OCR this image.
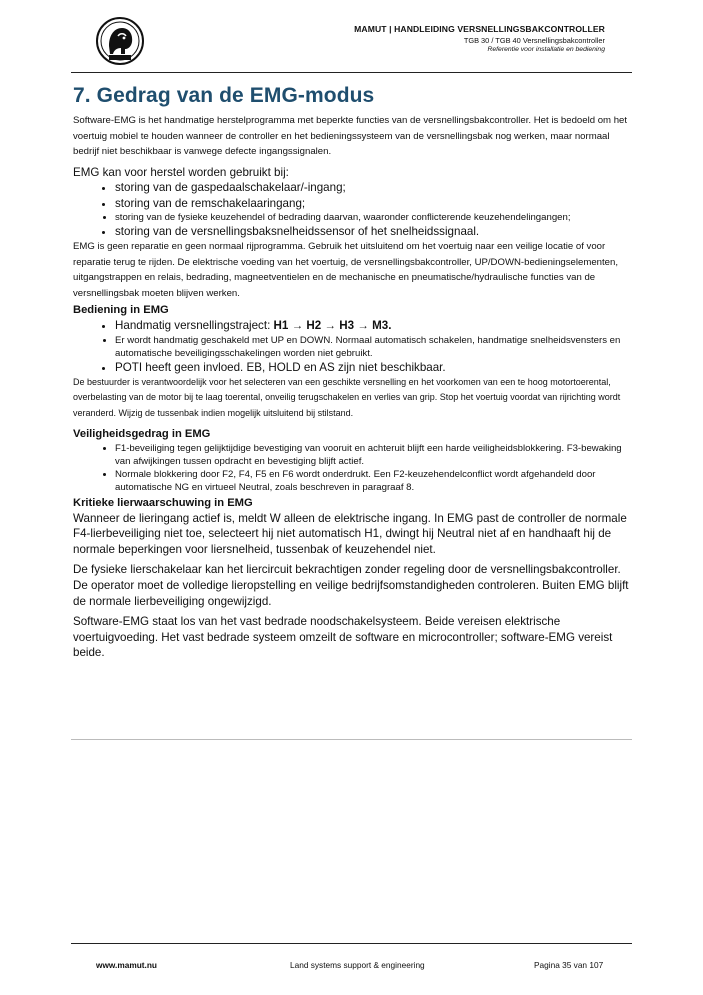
MAMUT | HANDLEIDING VERSNELLINGSBAKCONTROLLER
TGB 30 / TGB 40 Versnellingsbakcontroller
Referentie voor installatie en bediening
7. Gedrag van de EMG-modus

Software-EMG is het handmatige herstelprogramma met beperkte functies van de versnellingsbakcontroller. Het is bedoeld om het voertuig mobiel te houden wanneer de controller en het bedieningssysteem van de versnellingsbak nog werken, maar normaal bedrijf niet beschikbaar is vanwege defecte ingangssignalen.

EMG kan voor herstel worden gebruikt bij:

• storing van de gaspedaalschakelaar/-ingang;
• storing van de remschakelaaringang;
• storing van de fysieke keuzehendel of bedrading daarvan, waaronder conflicterende keuzehendelingangen;
• storing van de versnellingsbaksnelheidssensor of het snelheidssignaal.

EMG is geen reparatie en geen normaal rijprogramma. Gebruik het uitsluitend om het voertuig naar een veilige locatie of voor reparatie terug te rijden. De elektrische voeding van het voertuig, de versnellingsbakcontroller, UP/DOWN-bedieningselementen, uitgangstrappen en relais, bedrading, magneetventielen en de mechanische en pneumatische/hydraulische functies van de versnellingsbak moeten blijven werken.

Bediening in EMG

• Handmatig versnellingstraject: H1 → H2 → H3 → M3.
• Er wordt handmatig geschakeld met UP en DOWN. Normaal automatisch schakelen, handmatige snelheidsvensters en automatische beveiligingsschakelingen worden niet gebruikt.
• POTI heeft geen invloed. EB, HOLD en AS zijn niet beschikbaar.

De bestuurder is verantwoordelijk voor het selecteren van een geschikte versnelling en het voorkomen van een te hoog motortoerental, overbelasting van de motor bij te laag toerental, onveilig terugschakelen en verlies van grip. Stop het voertuig voordat van rijrichting wordt veranderd. Wijzig de tussenbak indien mogelijk uitsluitend bij stilstand.

Veiligheidsgedrag in EMG

• F1-beveiliging tegen gelijktijdige bevestiging van vooruit en achteruit blijft een harde veiligheidsblokkering. F3-bewaking van afwijkingen tussen opdracht en bevestiging blijft actief.
• Normale blokkering door F2, F4, F5 en F6 wordt onderdrukt. Een F2-keuzehendelconflict wordt afgehandeld door automatische NG en virtueel Neutral, zoals beschreven in paragraaf 8.

Kritieke lierwaarschuwing in EMG

Wanneer de lieringang actief is, meldt W alleen de elektrische ingang. In EMG past de controller de normale F4-lierbeveiliging niet toe, selecteert hij niet automatisch H1, dwingt hij Neutral niet af en handhaaft hij de normale beperkingen voor liersnelheid, tussenbak of keuzehendel niet.

De fysieke lierschakelaar kan het liercircuit bekrachtigen zonder regeling door de versnellingsbakcontroller. De operator moet de volledige lieropstelling en veilige bedrijfsomstandigheden controleren. Buiten EMG blijft de normale lierbeveiliging ongewijzigd.

Software-EMG staat los van het vast bedrade noodschakelsysteem. Beide vereisen elektrische voertuigvoeding. Het vast bedrade systeem omzeilt de software en microcontroller; software-EMG vereist beide.

www.mamut.nu	Land systems support & engineering	Pagina 35 van 107
